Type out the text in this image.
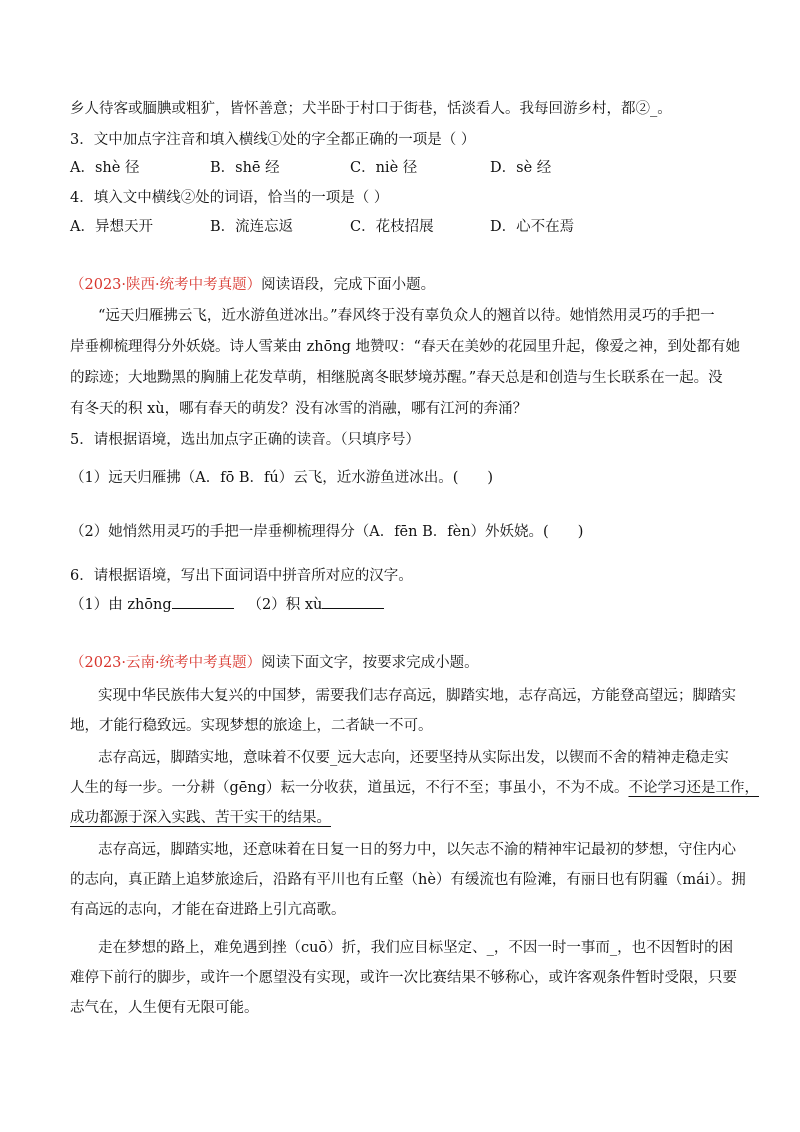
乡人待客或腼腆或粗犷，皆怀善意；犬半卧于村口于街巷，恬淡看人。我每回游乡村，都②_。
3．文中加点字注音和填入横线①处的字全都正确的一项是（ ）
A．shè 径	B．shē 经	C．niè 径	D．sè 经
4．填入文中横线②处的词语，恰当的一项是（ ）
A．异想天开	B．流连忘返	C．花枝招展	D．心不在焉
（2023·陕西·统考中考真题）阅读语段，完成下面小题。
“远天归雁拂云飞，近水游鱼迸冰出。”春风终于没有辜负众人的翘首以待。她悄然用灵巧的手把一
岸垂柳梳理得分外妖娆。诗人雪莱由 zhōng 地赞叹：“春天在美妙的花园里升起，像爱之神，到处都有她
的踪迹；大地黝黑的胸脯上花发草萌，相继脱离冬眠梦境苏醒。”春天总是和创造与生长联系在一起。没
有冬天的积 xù，哪有春天的萌发？没有冰雪的消融，哪有江河的奔涌？
5．请根据语境，选出加点字正确的读音。（只填序号）
（1）远天归雁拂（A．fō B．fú）云飞，近水游鱼迸冰出。(　　)
（2）她悄然用灵巧的手把一岸垂柳梳理得分（A．fēn B．fèn）外妖娆。(　　)
6．请根据语境，写出下面词语中拼音所对应的汉字。
（1）由 zhōng	（2）积 xù
（2023·云南·统考中考真题）阅读下面文字，按要求完成小题。
实现中华民族伟大复兴的中国梦，需要我们志存高远，脚踏实地，志存高远，方能登高望远；脚踏实
地，才能行稳致远。实现梦想的旅途上，二者缺一不可。
志存高远，脚踏实地，意味着不仅要_远大志向，还要坚持从实际出发，以锲而不舍的精神走稳走实
人生的每一步。一分耕（gēng）耘一分收获，道虽远，不行不至；事虽小，不为不成。不论学习还是工作，
成功都源于深入实践、苦干实干的结果。
志存高远，脚踏实地，还意味着在日复一日的努力中，以矢志不渝的精神牢记最初的梦想，守住内心
的志向，真正踏上追梦旅途后，沿路有平川也有丘壑（hè）有缓流也有险滩，有丽日也有阴霾（mái）。拥
有高远的志向，才能在奋进路上引亢高歌。
走在梦想的路上，难免遇到挫（cuō）折，我们应目标坚定、_，不因一时一事而_，也不因暂时的困
难停下前行的脚步，或许一个愿望没有实现，或许一次比赛结果不够称心，或许客观条件暂时受限，只要
志气在，人生便有无限可能。
